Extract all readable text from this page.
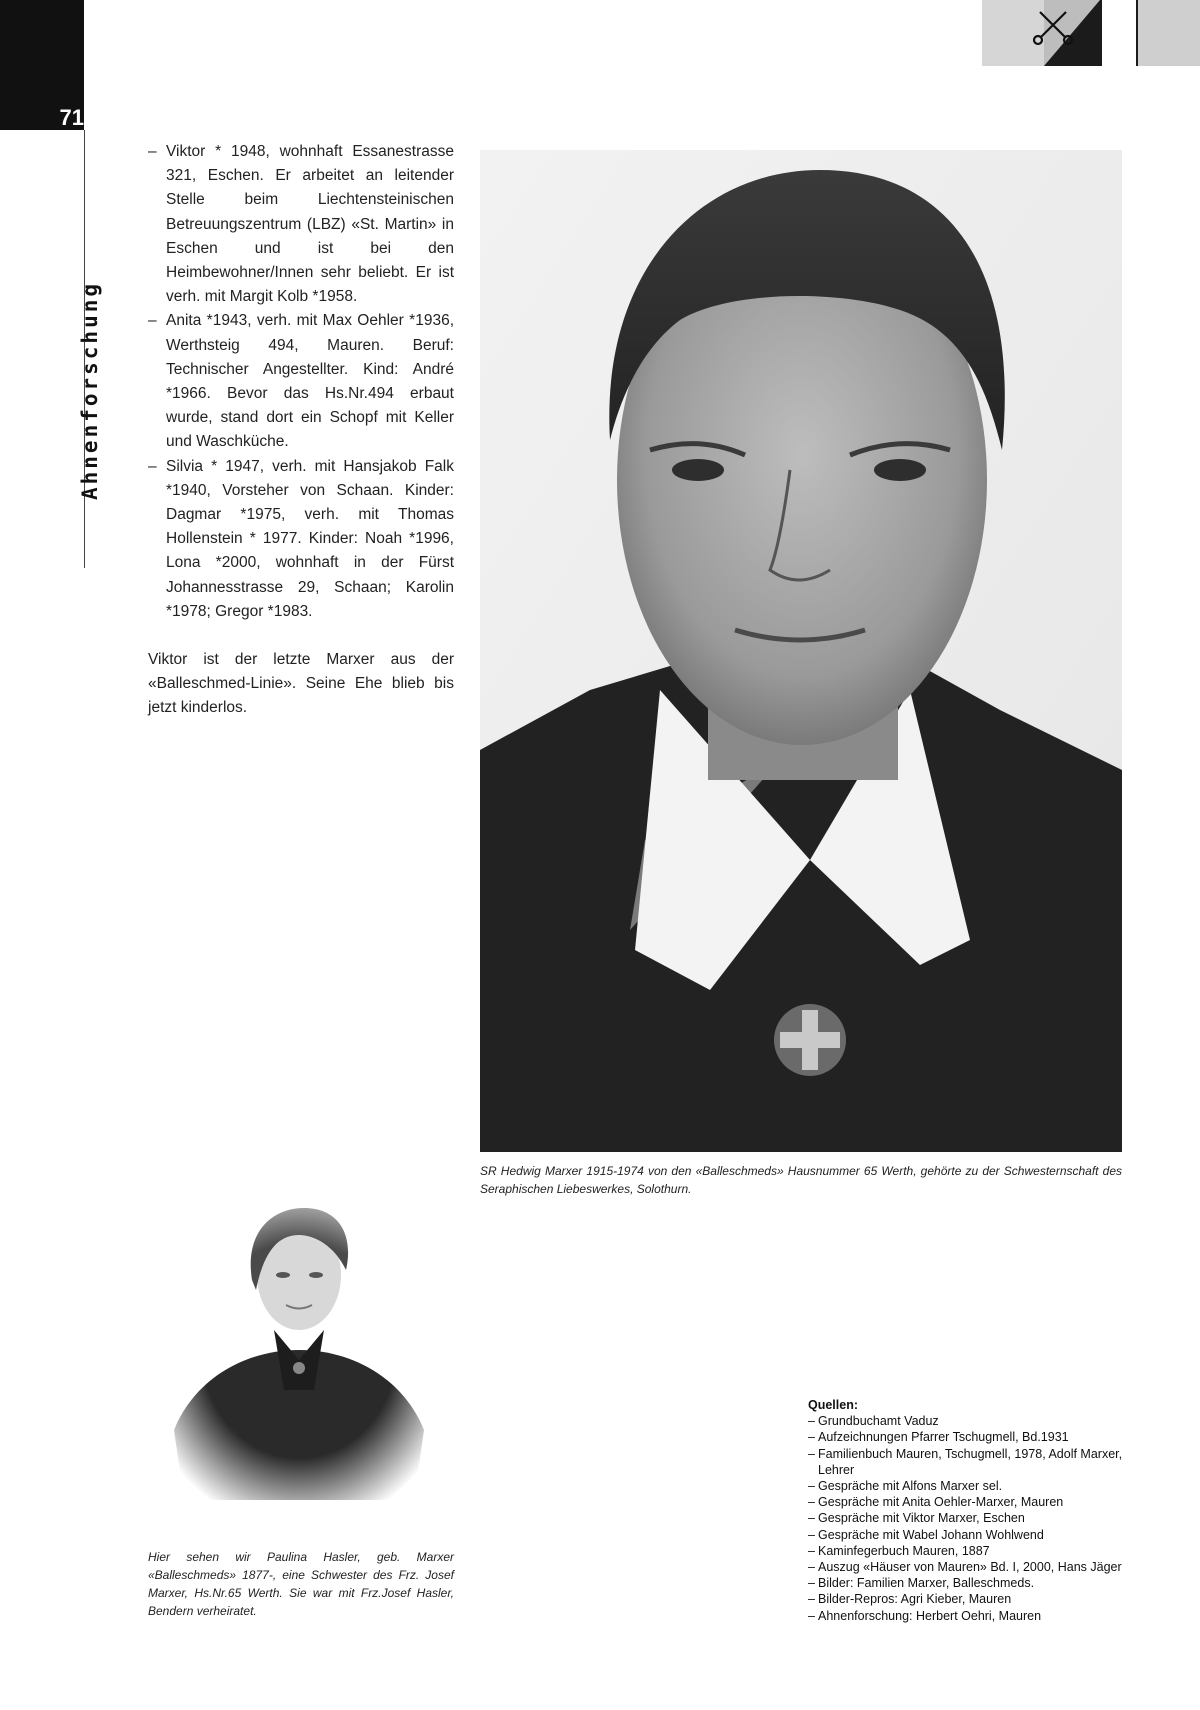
71
Ahnenforschung
– Viktor * 1948, wohnhaft Essanestrasse 321, Eschen. Er arbeitet an leitender Stelle beim Liechtensteinischen Betreuungszentrum (LBZ) «St. Martin» in Eschen und ist bei den Heimbewohner/Innen sehr beliebt. Er ist verh. mit Margit Kolb *1958.
– Anita *1943, verh. mit Max Oehler *1936, Werthsteig 494, Mauren. Beruf: Technischer Angestellter. Kind: André *1966. Bevor das Hs.Nr.494 erbaut wurde, stand dort ein Schopf mit Keller und Waschküche.
– Silvia * 1947, verh. mit Hansjakob Falk *1940, Vorsteher von Schaan. Kinder: Dagmar *1975, verh. mit Thomas Hollenstein * 1977. Kinder: Noah *1996, Lona *2000, wohnhaft in der Fürst Johannesstrasse 29, Schaan; Karolin *1978; Gregor *1983.

Viktor ist der letzte Marxer aus der «Balleschmed-Linie». Seine Ehe blieb bis jetzt kinderlos.

SR Hedwig Marxer 1915-1974 von den «Balleschmeds» Hausnummer 65 Werth, gehörte zu der Schwesternschaft des Seraphischen Liebeswerkes, Solothurn.
Hier sehen wir Paulina Hasler, geb. Marxer «Balleschmeds» 1877-, eine Schwester des Frz. Josef Marxer, Hs.Nr.65 Werth. Sie war mit Frz.Josef Hasler, Bendern verheiratet.
Quellen:
– Grundbuchamt Vaduz
– Aufzeichnungen Pfarrer Tschugmell, Bd.1931
– Familienbuch Mauren, Tschugmell, 1978, Adolf Marxer, Lehrer
– Gespräche mit Alfons Marxer sel.
– Gespräche mit Anita Oehler-Marxer, Mauren
– Gespräche mit Viktor Marxer, Eschen
– Gespräche mit Wabel Johann Wohlwend
– Kaminfegerbuch Mauren, 1887
– Auszug «Häuser von Mauren» Bd. I, 2000, Hans Jäger
– Bilder: Familien Marxer, Balleschmeds.
– Bilder-Repros: Agri Kieber, Mauren
– Ahnenforschung: Herbert Oehri, Mauren
